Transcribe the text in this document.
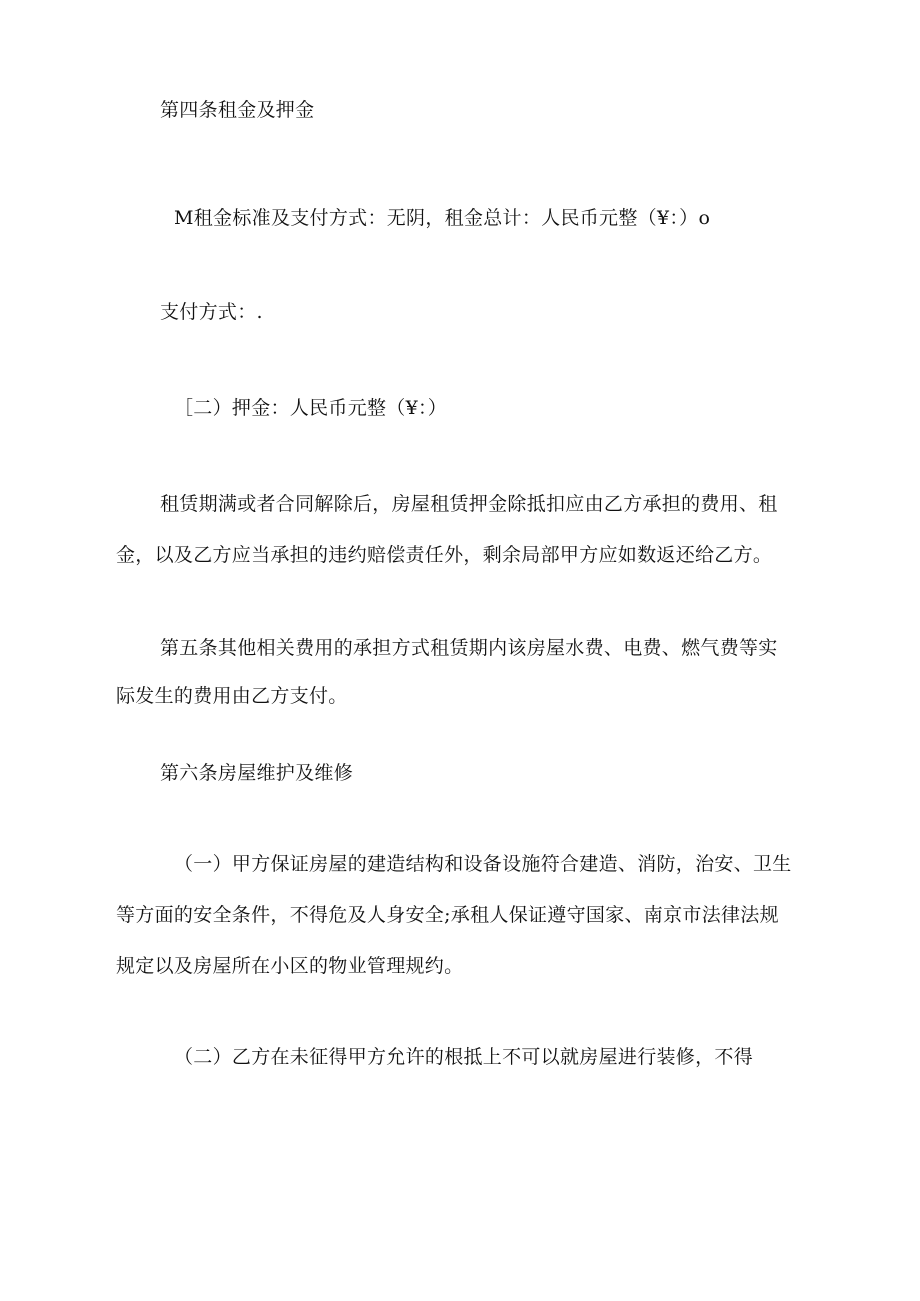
第四条租金及押金
M租金标准及支付方式：无阴，租金总计：人民币元整（¥：）o
支付方式：.
［二）押金：人民币元整（¥：）
租赁期满或者合同解除后，房屋租赁押金除抵扣应由乙方承担的费用、租
金，以及乙方应当承担的违约赔偿责任外，剩余局部甲方应如数返还给乙方。
第五条其他相关费用的承担方式租赁期内该房屋水费、电费、燃气费等实
际发生的费用由乙方支付。
第六条房屋维护及维修
（一）甲方保证房屋的建造结构和设备设施符合建造、消防，治安、卫生
等方面的安全条件，不得危及人身安全;承租人保证遵守国家、南京市法律法规
规定以及房屋所在小区的物业管理规约。
（二）乙方在未征得甲方允许的根抵上不可以就房屋进行装修，不得
